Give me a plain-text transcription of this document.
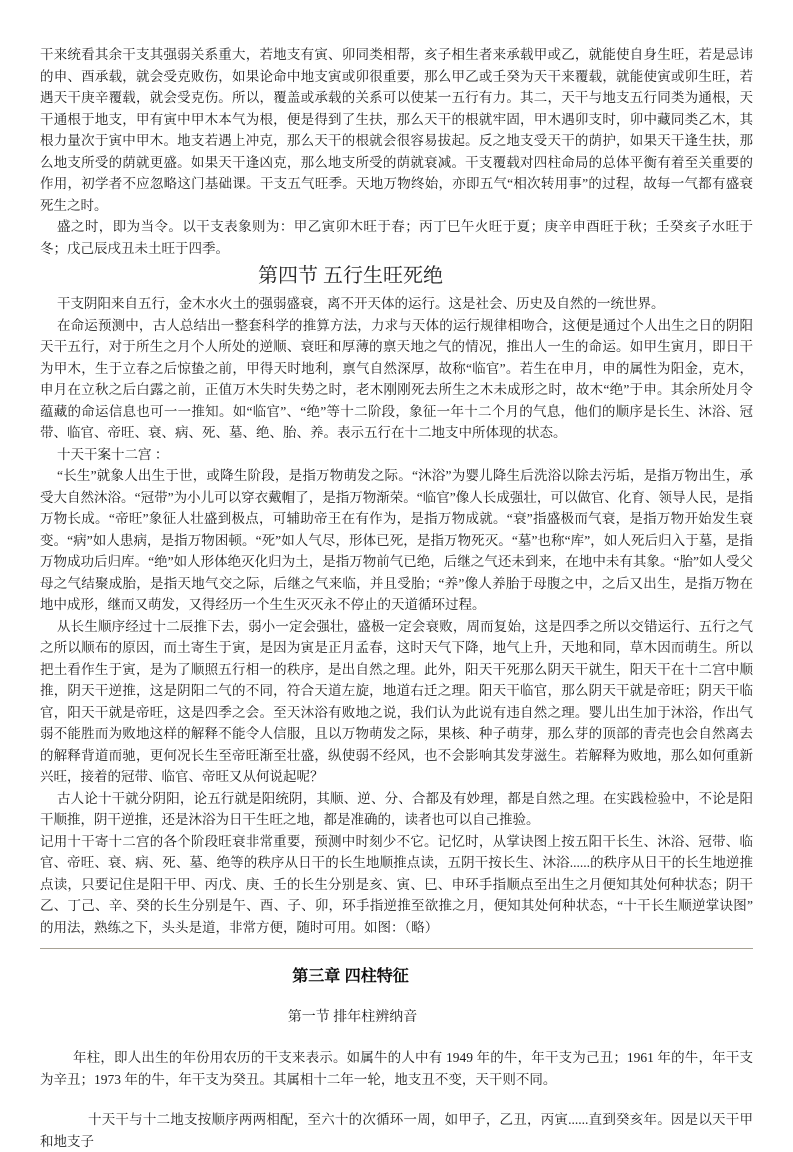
干来统看其余干支其强弱关系重大，若地支有寅、卯同类相帮，亥子相生者来承载甲或乙，就能使自身生旺，若是忌讳的申、酉承载，就会受克败伤，如果论命中地支寅或卯很重要，那么甲乙或壬癸为天干来覆载，就能使寅或卯生旺，若遇天干庚辛覆载，就会受克伤。所以，覆盖或承载的关系可以使某一五行有力。其二，天干与地支五行同类为通根，天干通根于地支，甲有寅中甲木本气为根，便是得到了生扶，那么天干的根就牢固，甲木遇卯支时，卯中藏同类乙木，其根力量次于寅中甲木。地支若遇上冲克，那么天干的根就会很容易拔起。反之地支受天干的荫护，如果天干逢生扶，那么地支所受的荫就更盛。如果天干逢凶克，那么地支所受的荫就衰减。干支覆载对四柱命局的总体平衡有着至关重要的作用，初学者不应忽略这门基础课。干支五气旺季。天地万物终始，亦即五气“相次转用事”的过程，故每一气都有盛衰死生之时。

盛之时，即为当令。以干支表象则为：甲乙寅卯木旺于春；丙丁巳午火旺于夏；庚辛申酉旺于秋；壬癸亥子水旺于冬；戊己辰戌丑未土旺于四季。

第四节 五行生旺死绝

干支阴阳来自五行，金木水火土的强弱盛衰，离不开天体的运行。这是社会、历史及自然的一统世界。

在命运预测中，古人总结出一整套科学的推算方法，力求与天体的运行规律相吻合，这便是通过个人出生之日的阴阳天干五行，对于所生之月个人所处的逆顺、衰旺和厚薄的禀天地之气的情况，推出人一生的命运。如甲生寅月，即日干为甲木，生于立春之后惊蛰之前，甲得天时地利，禀气自然深厚，故称“临官”。若生在申月，申的属性为阳金，克木，申月在立秋之后白露之前，正值万木失时失势之时，老木刚刚死去所生之木未成形之时，故木“绝”于申。其余所处月令蕴藏的命运信息也可一一推知。如“临官”、“绝”等十二阶段，象征一年十二个月的气息，他们的顺序是长生、沐浴、冠带、临官、帝旺、衰、病、死、墓、绝、胎、养。表示五行在十二地支中所体现的状态。

十天干案十二宫 ：

“长生”就象人出生于世，或降生阶段，是指万物萌发之际。“沐浴”为婴儿降生后洗浴以除去污垢，是指万物出生，承受大自然沐浴。“冠带”为小儿可以穿衣戴帽了，是指万物渐荣。“临官”像人长成强壮，可以做官、化育、领导人民，是指万物长成。“帝旺”象征人壮盛到极点，可辅助帝王在有作为，是指万物成就。“衰”指盛极而气衰，是指万物开始发生衰变。“病”如人患病，是指万物困顿。“死”如人气尽，形体已死，是指万物死灭。“墓”也称“库”，如人死后归入于墓，是指万物成功后归库。“绝”如人形体绝灭化归为土，是指万物前气已绝，后继之气还未到来，在地中未有其象。“胎”如人受父母之气结聚成胎，是指天地气交之际，后继之气来临，并且受胎；“养”像人养胎于母腹之中，之后又出生，是指万物在地中成形，继而又萌发，又得经历一个生生灭灭永不停止的天道循环过程。

从长生顺序经过十二辰推下去，弱小一定会强壮，盛极一定会衰败，周而复始，这是四季之所以交错运行、五行之气之所以顺布的原因，而土寄生于寅，是因为寅是正月孟春，这时天气下降，地气上升，天地和同，草木因而萌生。所以把土看作生于寅，是为了顺照五行相一的秩序，是出自然之理。此外，阳天干死那么阴天干就生，阳天干在十二宫中顺推，阴天干逆推，这是阴阳二气的不同，符合天道左旋，地道右迁之理。阳天干临官，那么阴天干就是帝旺；阴天干临官，阳天干就是帝旺，这是四季之会。至天沐浴有败地之说，我们认为此说有违自然之理。婴儿出生加于沐浴，作出气弱不能胜而为败地这样的解释不能令人信服，且以万物萌发之际，果核、种子萌芽，那么芽的顶部的青壳也会自然离去的解释背道而驰，更何况长生至帝旺渐至壮盛，纵使弱不经风，也不会影响其发芽滋生。若解释为败地，那么如何重新兴旺，接着的冠带、临官、帝旺又从何说起呢？

古人论十干就分阴阳，论五行就是阳统阴，其顺、逆、分、合都及有妙理，都是自然之理。在实践检验中，不论是阳干顺推，阴干逆推，还是沐浴为日干生旺之地，都是准确的，读者也可以自己推验。

记用十干寄十二宫的各个阶段旺衰非常重要，预测中时刻少不它。记忆时，从掌诀图上按五阳干长生、沐浴、冠带、临官、帝旺、衰、病、死、墓、绝等的秩序从日干的长生地顺推点读，五阴干按长生、沐浴......的秩序从日干的长生地逆推点读，只要记住是阳干甲、丙戊、庚、壬的长生分别是亥、寅、巳、申环手指顺点至出生之月便知其处何种状态；阴干乙、丁己、辛、癸的长生分别是午、酉、子、卯，环手指逆推至欲推之月，便知其处何种状态，“十干长生顺逆掌诀图”的用法，熟练之下，头头是道，非常方便，随时可用。如图：（略）

第三章 四柱特征
第一节 排年柱辨纳音

年柱，即人出生的年份用农历的干支来表示。如属牛的人中有 1949 年的牛，年干支为己丑；1961 年的牛，年干支为辛丑；1973 年的牛，年干支为癸丑。其属相十二年一轮，地支丑不变，天干则不同。

十天干与十二地支按顺序两两相配，至六十的次循环一周，如甲子，乙丑，丙寅......直到癸亥年。因是以天干甲和地支子
